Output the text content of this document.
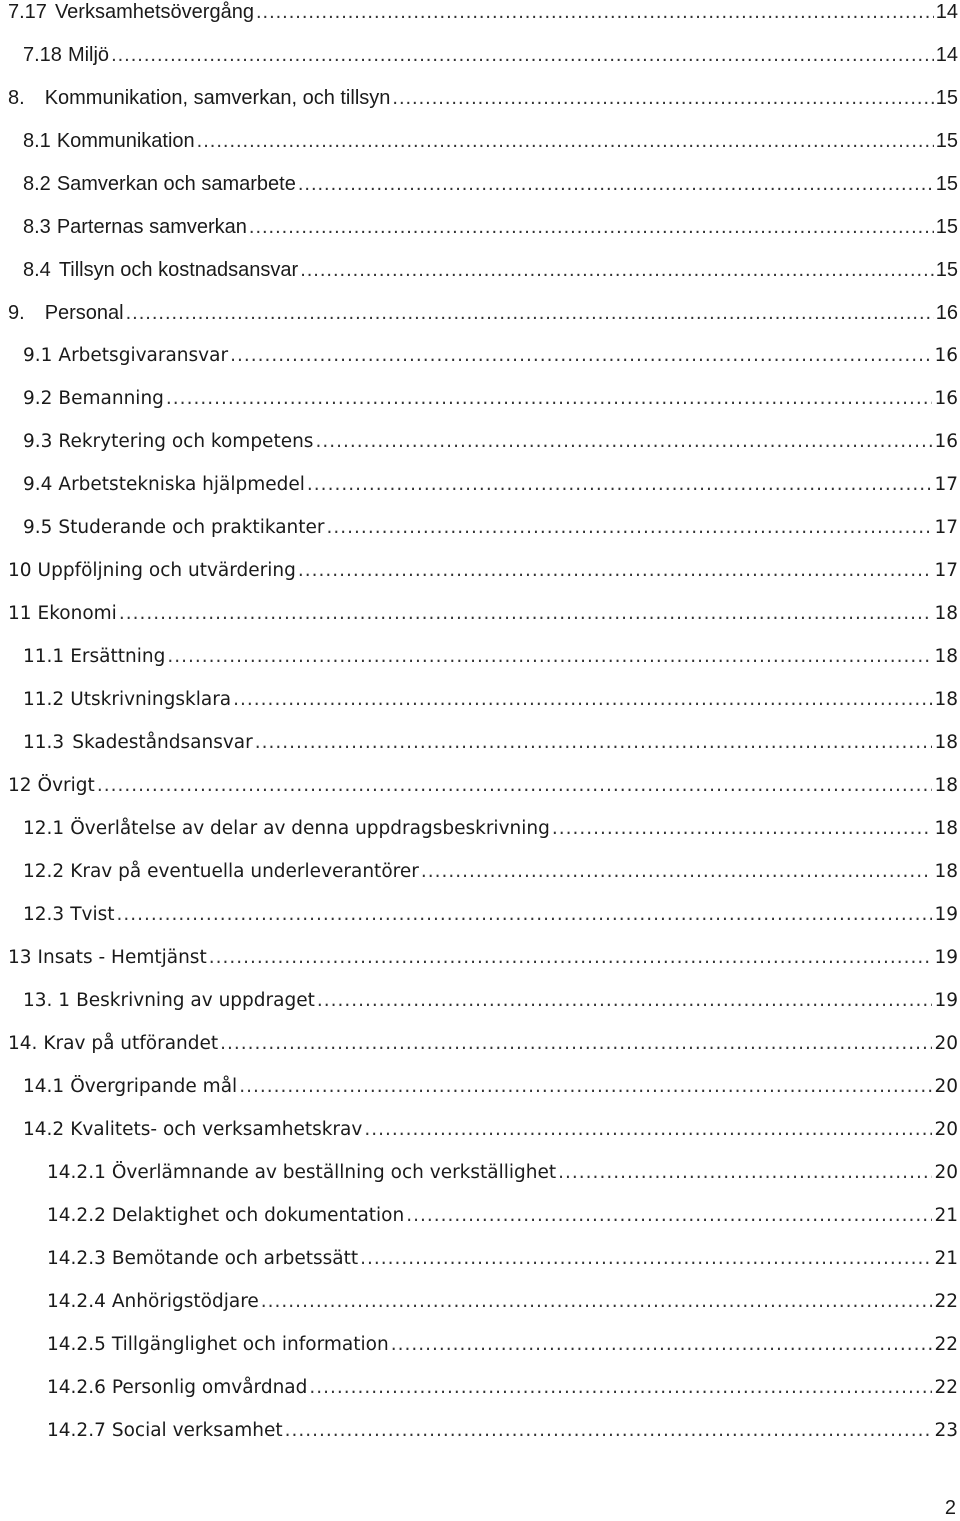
7.17 Verksamhetsövergång .....	14
7.18 Miljö .....	14
8. Kommunikation, samverkan, och tillsyn .....	15
8.1 Kommunikation .....	15
8.2 Samverkan och samarbete .....	15
8.3 Parternas samverkan .....	15
8.4 Tillsyn och kostnadsansvar .....	15
9. Personal .....	16
9.1 Arbetsgivaransvar .....	16
9.2 Bemanning .....	16
9.3 Rekrytering och kompetens .....	16
9.4 Arbetstekniska hjälpmedel .....	17
9.5 Studerande och praktikanter .....	17
10 Uppföljning och utvärdering .....	17
11 Ekonomi .....	18
11.1 Ersättning .....	18
11.2 Utskrivningsklara .....	18
11.3 Skadeståndsansvar .....	18
12 Övrigt .....	18
12.1 Överlåtelse av delar av denna uppdragsbeskrivning .....	18
12.2 Krav på eventuella underleverantörer .....	18
12.3 Tvist .....	19
13 Insats - Hemtjänst .....	19
13. 1 Beskrivning av uppdraget .....	19
14. Krav på utförandet .....	20
14.1 Övergripande mål .....	20
14.2 Kvalitets- och verksamhetskrav .....	20
14.2.1 Överlämnande av beställning och verkställighet .....	20
14.2.2 Delaktighet och dokumentation .....	21
14.2.3 Bemötande och arbetssätt .....	21
14.2.4 Anhörigstödjare .....	22
14.2.5 Tillgänglighet och information .....	22
14.2.6 Personlig omvårdnad .....	22
14.2.7 Social verksamhet .....	23
2
